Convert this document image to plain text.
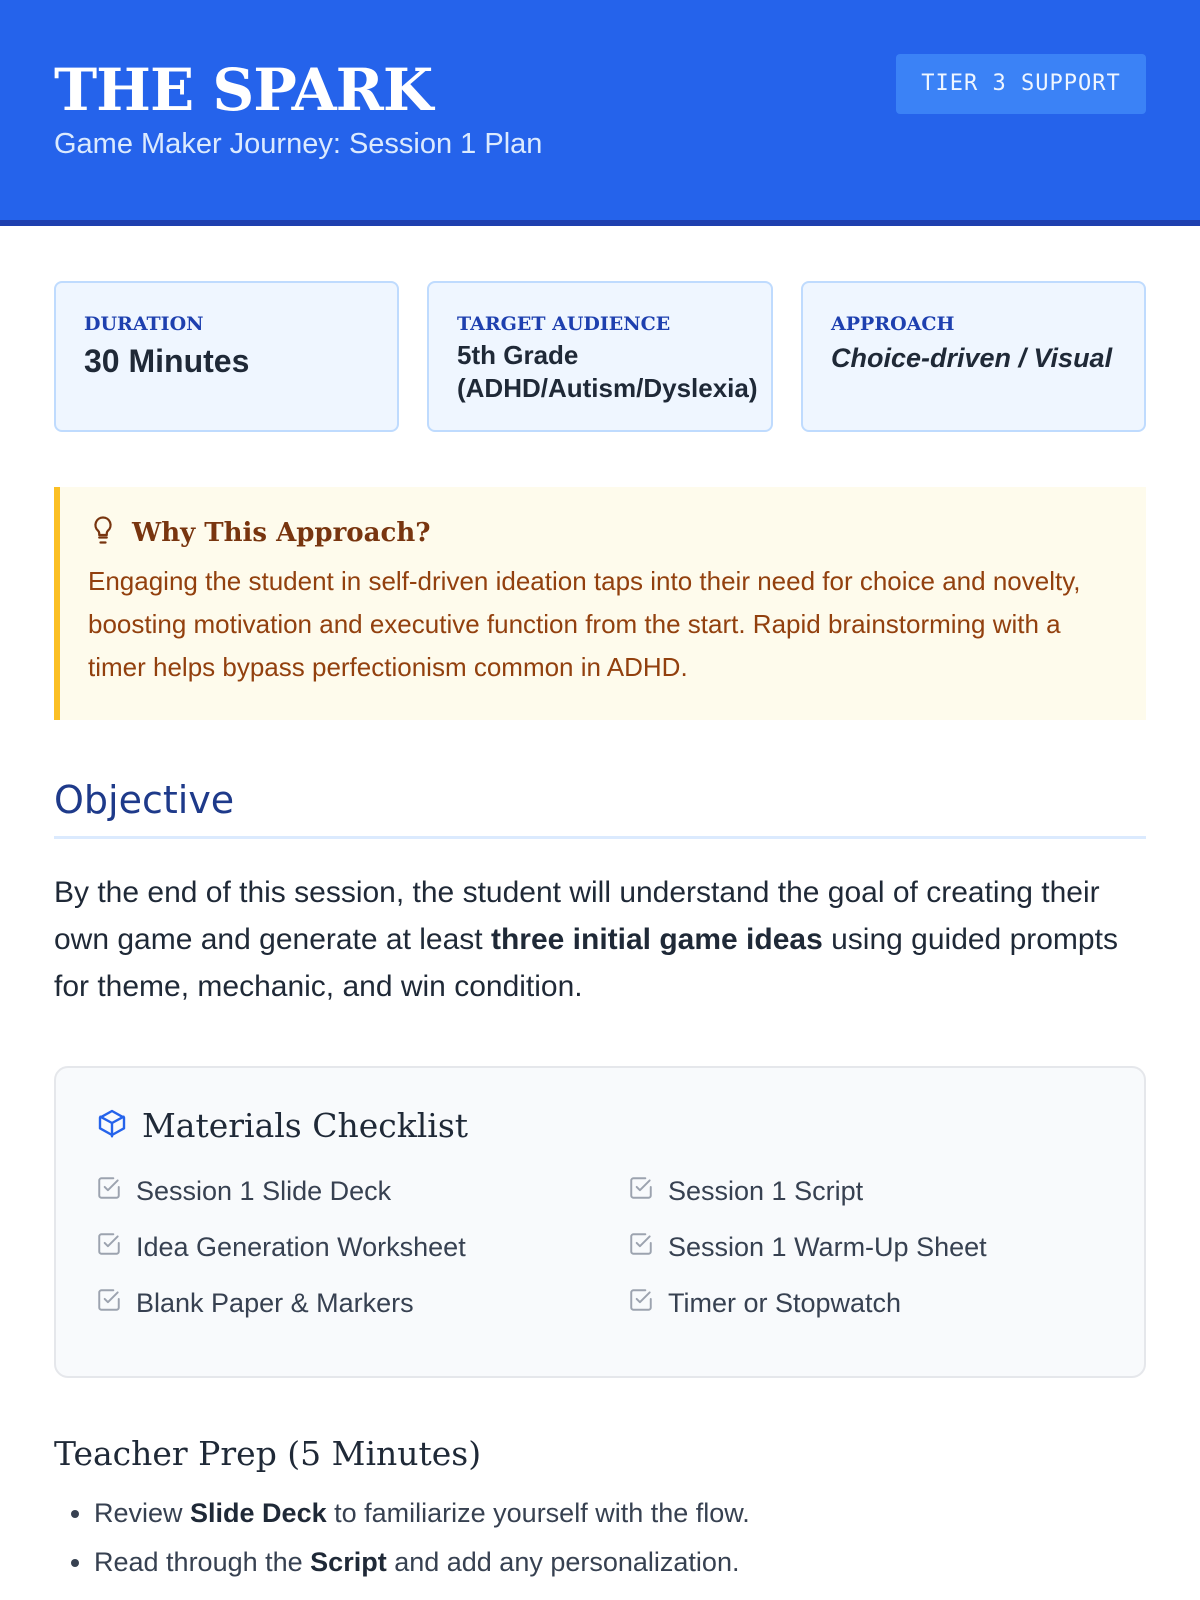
THE SPARK
Game Maker Journey: Session 1 Plan
TIER 3 SUPPORT
DURATION
30 Minutes
TARGET AUDIENCE
5th Grade (ADHD/Autism/Dyslexia)
APPROACH
Choice-driven / Visual
Why This Approach?
Engaging the student in self-driven ideation taps into their need for choice and novelty, boosting motivation and executive function from the start. Rapid brainstorming with a timer helps bypass perfectionism common in ADHD.
Objective
By the end of this session, the student will understand the goal of creating their own game and generate at least three initial game ideas using guided prompts for theme, mechanic, and win condition.
Materials Checklist
Session 1 Slide Deck	Session 1 Script
Idea Generation Worksheet	Session 1 Warm-Up Sheet
Blank Paper & Markers	Timer or Stopwatch
Teacher Prep (5 Minutes)
• Review Slide Deck to familiarize yourself with the flow.
• Read through the Script and add any personalization.
